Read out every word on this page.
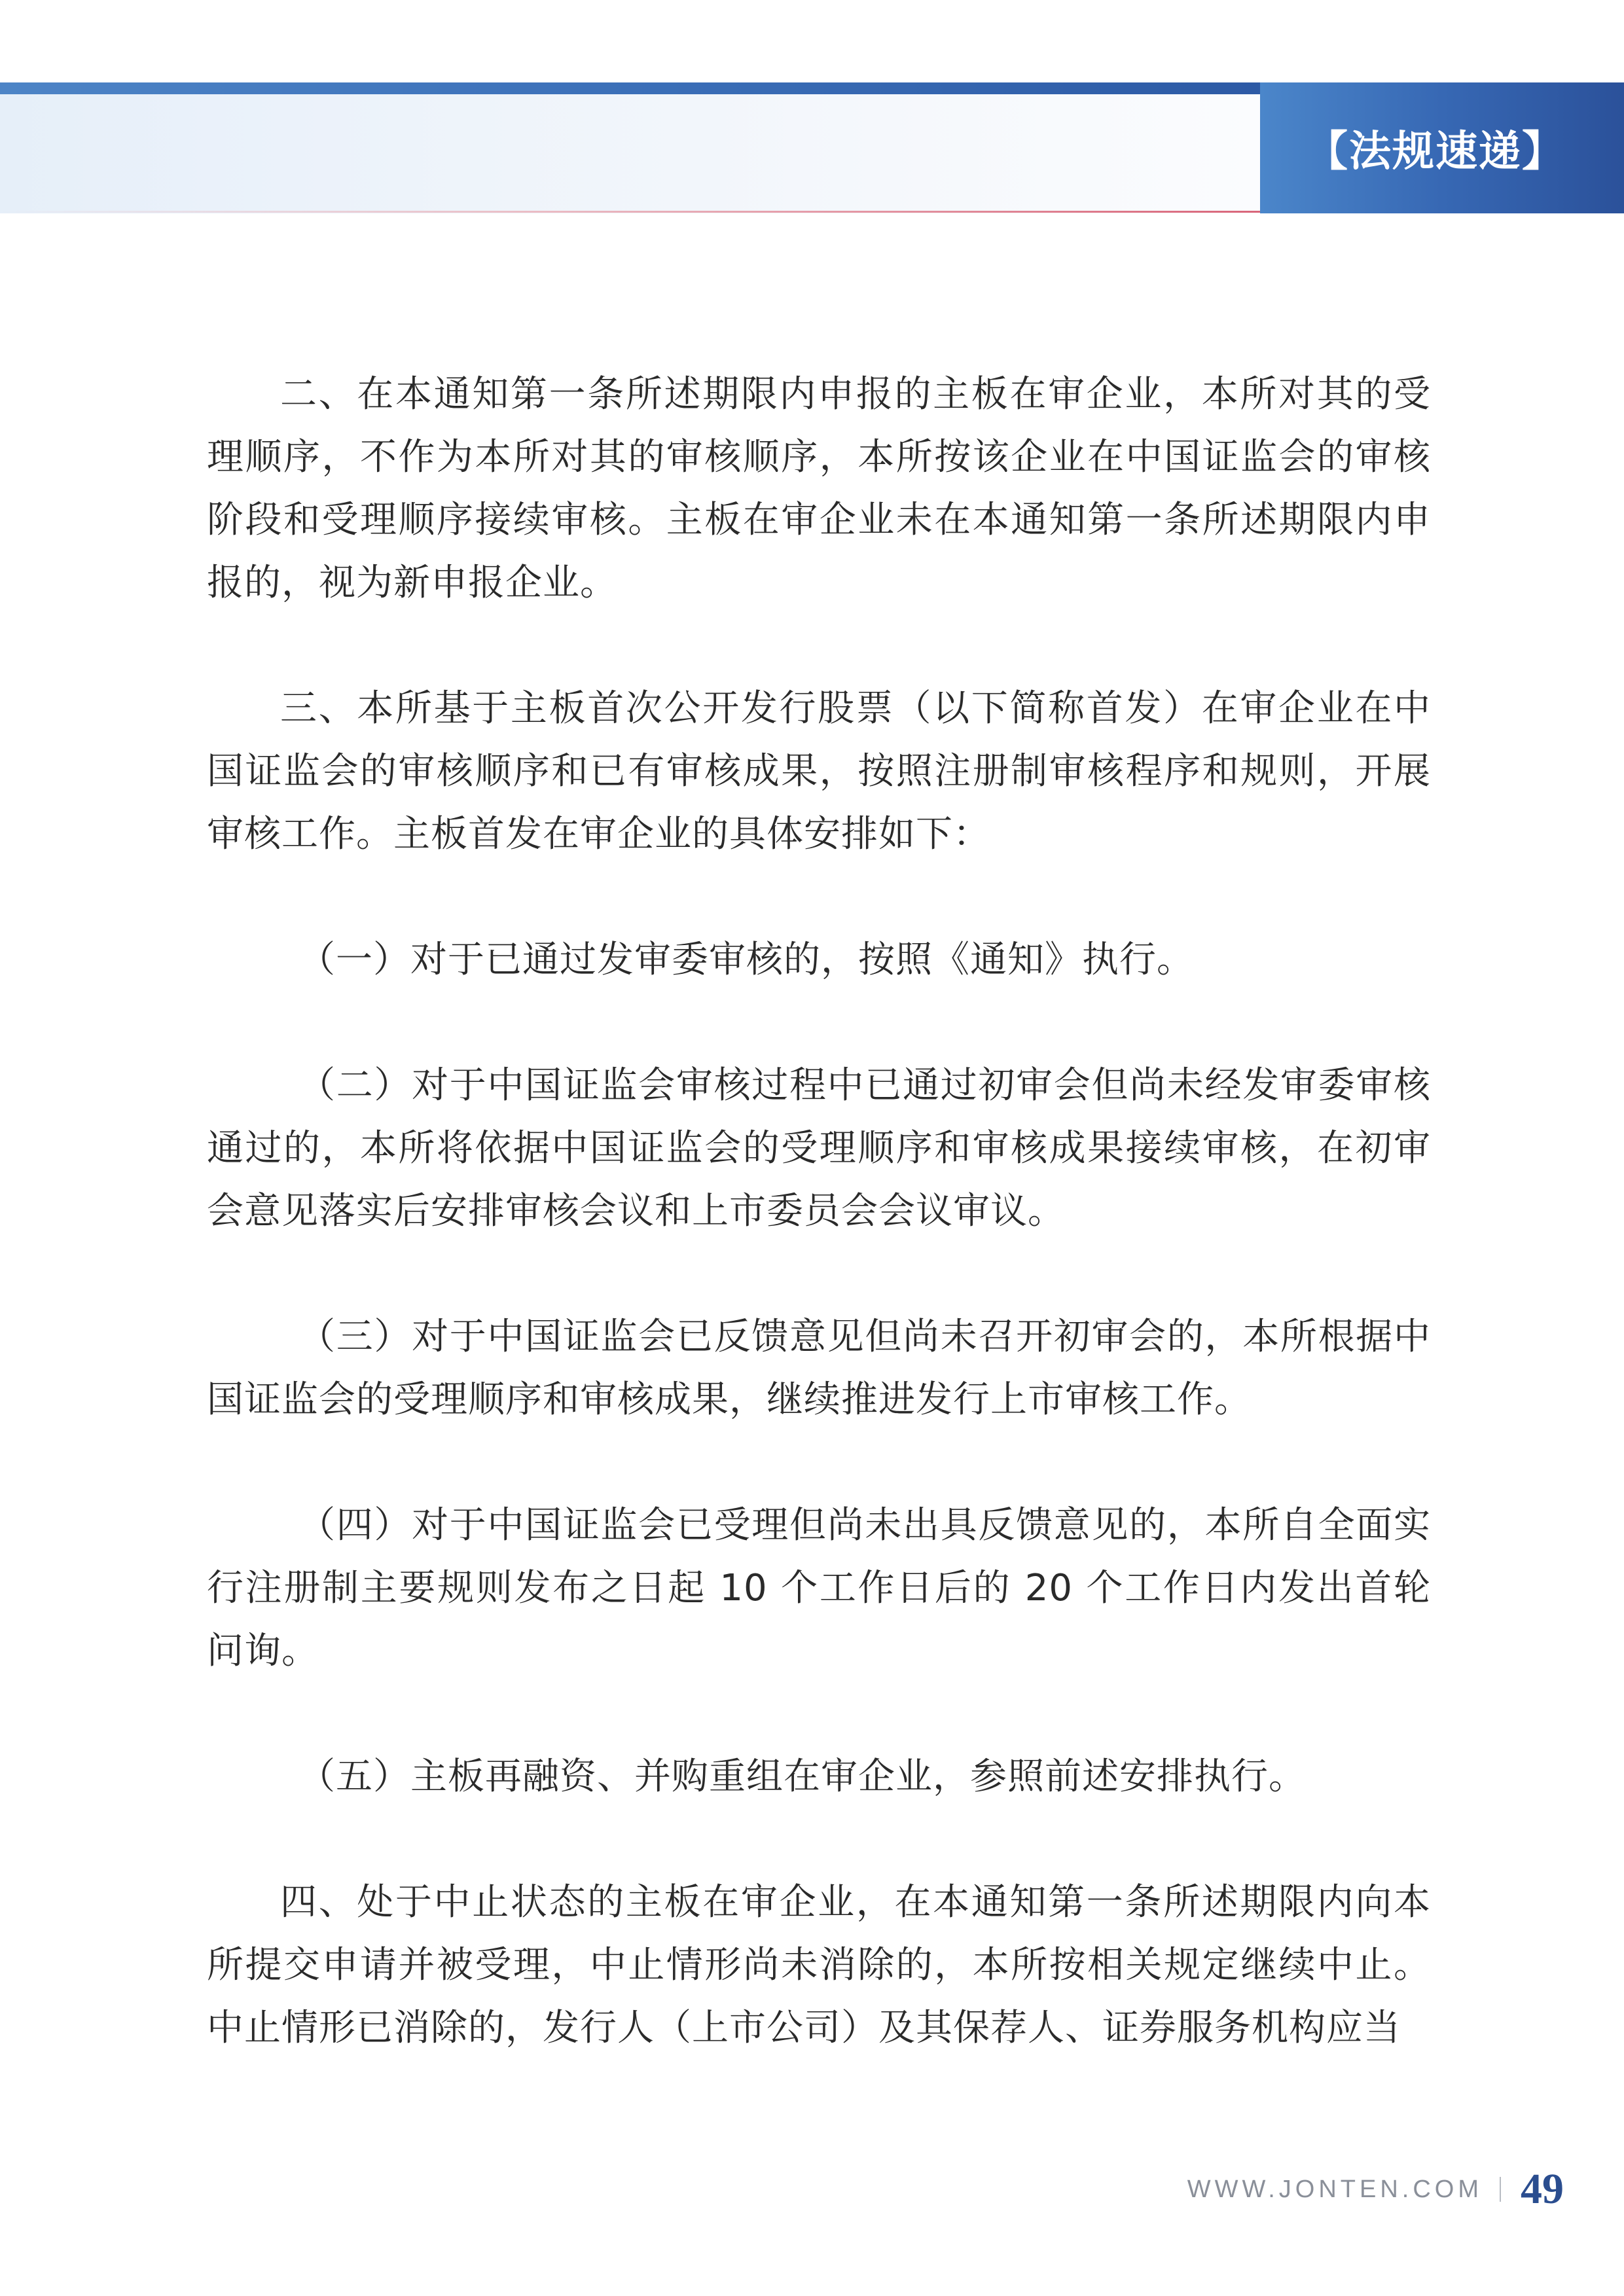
【法规速递】

二、在本通知第一条所述期限内申报的主板在审企业，本所对其的受理顺序，不作为本所对其的审核顺序，本所按该企业在中国证监会的审核阶段和受理顺序接续审核。主板在审企业未在本通知第一条所述期限内申报的，视为新申报企业。

三、本所基于主板首次公开发行股票（以下简称首发）在审企业在中国证监会的审核顺序和已有审核成果，按照注册制审核程序和规则，开展审核工作。主板首发在审企业的具体安排如下：

（一）对于已通过发审委审核的，按照《通知》执行。

（二）对于中国证监会审核过程中已通过初审会但尚未经发审委审核通过的，本所将依据中国证监会的受理顺序和审核成果接续审核，在初审会意见落实后安排审核会议和上市委员会会议审议。

（三）对于中国证监会已反馈意见但尚未召开初审会的，本所根据中国证监会的受理顺序和审核成果，继续推进发行上市审核工作。

（四）对于中国证监会已受理但尚未出具反馈意见的，本所自全面实行注册制主要规则发布之日起 10 个工作日后的 20 个工作日内发出首轮问询。

（五）主板再融资、并购重组在审企业，参照前述安排执行。

四、处于中止状态的主板在审企业，在本通知第一条所述期限内向本所提交申请并被受理，中止情形尚未消除的，本所按相关规定继续中止。中止情形已消除的，发行人（上市公司）及其保荐人、证券服务机构应当

WWW.JONTEN.COM 49
